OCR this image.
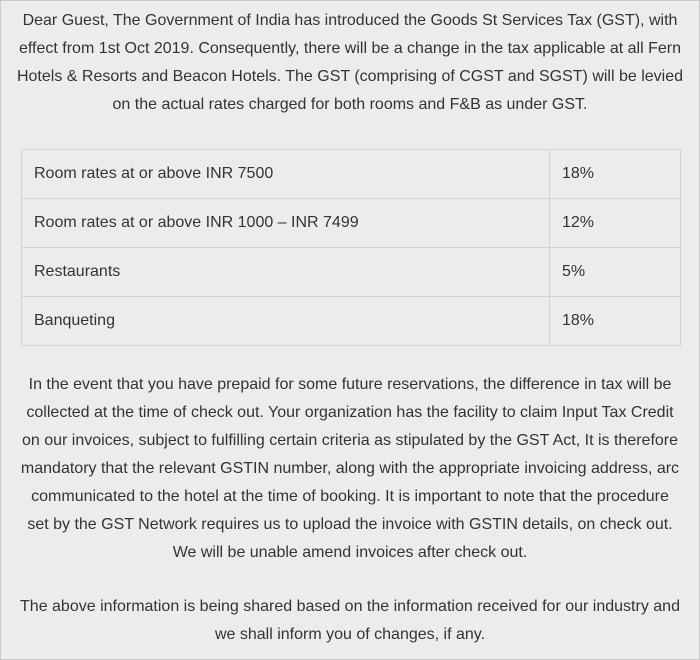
Dear Guest, The Government of India has introduced the Goods St Services Tax (GST), with effect from 1st Oct 2019. Consequently, there will be a change in the tax applicable at all Fern Hotels & Resorts and Beacon Hotels. The GST (comprising of CGST and SGST) will be levied on the actual rates charged for both rooms and F&B as under GST.

Room rates at or above INR 7500	18%
Room rates at or above INR 1000 – INR 7499	12%
Restaurants	5%
Banqueting	18%

In the event that you have prepaid for some future reservations, the difference in tax will be collected at the time of check out. Your organization has the facility to claim Input Tax Credit on our invoices, subject to fulfilling certain criteria as stipulated by the GST Act, It is therefore mandatory that the relevant GSTIN number, along with the appropriate invoicing address, arc communicated to the hotel at the time of booking. It is important to note that the procedure set by the GST Network requires us to upload the invoice with GSTIN details, on check out. We will be unable amend invoices after check out.

The above information is being shared based on the information received for our industry and we shall inform you of changes, if any.
